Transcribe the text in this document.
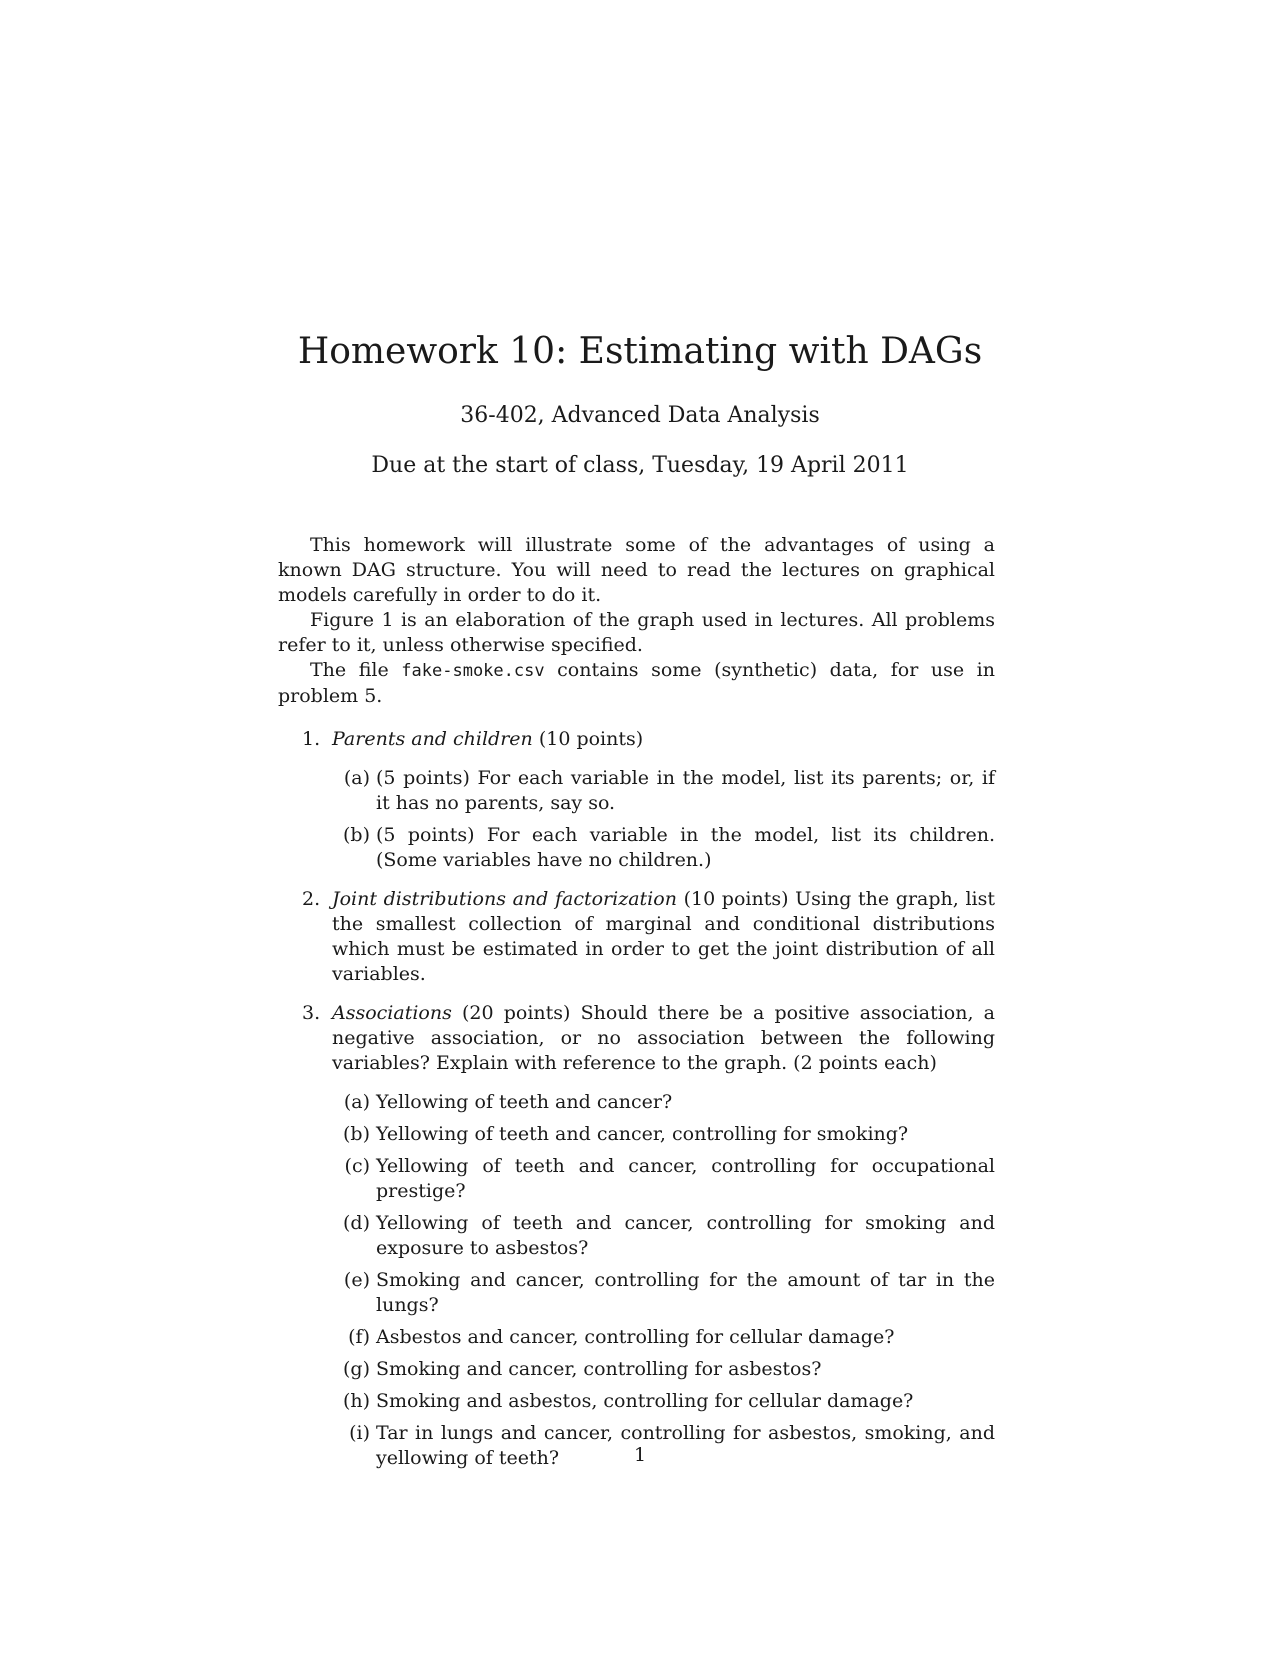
Homework 10: Estimating with DAGs
36-402, Advanced Data Analysis
Due at the start of class, Tuesday, 19 April 2011

This homework will illustrate some of the advantages of using a known DAG structure. You will need to read the lectures on graphical models carefully in order to do it.

Figure 1 is an elaboration of the graph used in lectures. All problems refer to it, unless otherwise specified.

The file fake-smoke.csv contains some (synthetic) data, for use in problem 5.

1. Parents and children (10 points)
(a) (5 points) For each variable in the model, list its parents; or, if it has no parents, say so.
(b) (5 points) For each variable in the model, list its children. (Some variables have no children.)
2. Joint distributions and factorization (10 points) Using the graph, list the smallest collection of marginal and conditional distributions which must be estimated in order to get the joint distribution of all variables.
3. Associations (20 points) Should there be a positive association, a negative association, or no association between the following variables? Explain with reference to the graph. (2 points each)
(a) Yellowing of teeth and cancer?
(b) Yellowing of teeth and cancer, controlling for smoking?
(c) Yellowing of teeth and cancer, controlling for occupational prestige?
(d) Yellowing of teeth and cancer, controlling for smoking and exposure to asbestos?
(e) Smoking and cancer, controlling for the amount of tar in the lungs?
(f) Asbestos and cancer, controlling for cellular damage?
(g) Smoking and cancer, controlling for asbestos?
(h) Smoking and asbestos, controlling for cellular damage?
(i) Tar in lungs and cancer, controlling for asbestos, smoking, and yellowing of teeth?	1
